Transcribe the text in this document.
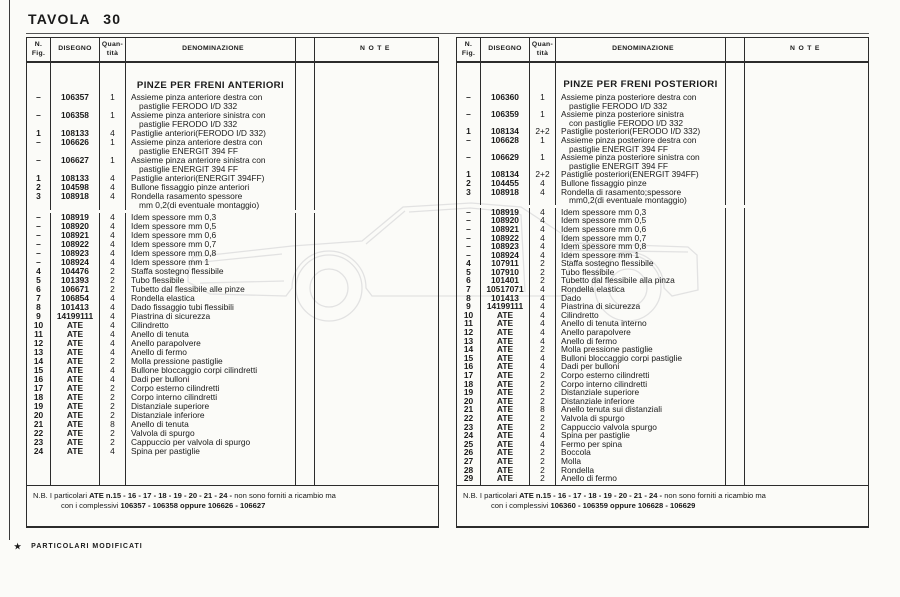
TAVOLA 30
N.
Fig.
DISEGNO
Quan-
tità
DENOMINAZIONE	NOTE
PINZE PER FRENI ANTERIORI
–	106357	1	Assieme pinza anteriore destra con
pastiglie FERODO I/D 332
–	106358	1	Assieme pinza anteriore sinistra con
pastiglie FERODO I/D 332
1	108133	4	Pastiglie anteriori(FERODO I/D 332)
–	106626	1	Assieme pinza anteriore destra con
pastiglie ENERGIT 394 FF
–	106627	1	Assieme pinza anteriore sinistra con
pastiglie ENERGIT 394 FF
1	108133	4	Pastiglie anteriori(ENERGIT 394FF)
2	104598	4	Bullone fissaggio pinze anteriori
3	108918	4	Rondella rasamento spessore
mm 0,2(di eventuale montaggio)
–	108919	4	Idem spessore mm 0,3
–	108920	4	Idem spessore mm 0,5
–	108921	4	Idem spessore mm 0,6
–	108922	4	Idem spessore mm 0,7
–	108923	4	Idem spessore mm 0,8
–	108924	4	Idem spessore mm 1
4	104476	2	Staffa sostegno flessibile
5	101393	2	Tubo flessibile
6	106671	2	Tubetto dal flessibile alle pinze
7	106854	4	Rondella elastica
8	101413	4	Dado fissaggio tubi flessibili
9	14199111	4	Piastrina di sicurezza
10	ATE	4	Cilindretto
11	ATE	4	Anello di tenuta
12	ATE	4	Anello parapolvere
13	ATE	4	Anello di fermo
14	ATE	2	Molla pressione pastiglie
15	ATE	4	Bullone bloccaggio corpi cilindretti
16	ATE	4	Dadi per bulloni
17	ATE	2	Corpo esterno cilindretti
18	ATE	2	Corpo interno cilindretti
19	ATE	2	Distanziale superiore
20	ATE	2	Distanziale inferiore
21	ATE	8	Anello di tenuta
22	ATE	2	Valvola di spurgo
23	ATE	2	Cappuccio per valvola di spurgo
24	ATE	4	Spina per pastiglie
N.B. I particolari ATE n.15 - 16 - 17 - 18 - 19 - 20 - 21 - 24 - non sono forniti a ricambio ma
con i complessivi 106357 - 106358 oppure 106626 - 106627
N.
Fig.
DISEGNO
Quan-
tità
DENOMINAZIONE	NOTE
PINZE PER FRENI POSTERIORI
–	106360	1	Assieme pinza posteriore destra con
pastiglie FERODO I/D 332
–	106359	1	Assieme pinza posteriore sinistra
con pastiglie FERODO I/D 332
1	108134	2+2	Pastiglie posteriori(FERODO I/D 332)
–	106628	1	Assieme pinza posteriore destra con
pastiglie ENERGIT 394 FF
–	106629	1	Assieme pinza posteriore sinistra con
pastiglie ENERGIT 394 FF
1	108134	2+2	Pastiglie posteriori(ENERGIT 394FF)
2	104455	4	Bullone fissaggio pinze
3	108918	4	Rondella di rasamento;spessore
mm0,2(di eventuale montaggio)
–	108919	4	Idem spessore mm 0,3
–	108920	4	Idem spessore mm 0,5
–	108921	4	Idem spessore mm 0,6
–	108922	4	Idem spessore mm 0,7
–	108923	4	Idem spessore mm 0,8
–	108924	4	Idem spessore mm 1
4	107911	2	Staffa sostegno flessibile
5	107910	2	Tubo flessibile
6	101401	2	Tubetto dal flessibile alla pinza
7	10517071	4	Rondella elastica
8	101413	4	Dado
9	14199111	4	Piastrina di sicurezza
10	ATE	4	Cilindretto
11	ATE	4	Anello di tenuta interno
12	ATE	4	Anello parapolvere
13	ATE	4	Anello di fermo
14	ATE	2	Molla pressione pastiglie
15	ATE	4	Bulloni bloccaggio corpi pastiglie
16	ATE	4	Dadi per bulloni
17	ATE	2	Corpo esterno cilindretti
18	ATE	2	Corpo interno cilindretti
19	ATE	2	Distanziale superiore
20	ATE	2	Distanziale inferiore
21	ATE	8	Anello tenuta sui distanziali
22	ATE	2	Valvola di spurgo
23	ATE	2	Cappuccio valvola spurgo
24	ATE	4	Spina per pastiglie
25	ATE	4	Fermo per spina
26	ATE	2	Boccola
27	ATE	2	Molla
28	ATE	2	Rondella
29	ATE	2	Anello di fermo
N.B. I particolari ATE n.15 - 16 - 17 - 18 - 19 - 20 - 21 - 24 - non sono forniti a ricambio ma
con i complessivi 106360 - 106359 oppure 106628 - 106629
★ PARTICOLARI MODIFICATI
